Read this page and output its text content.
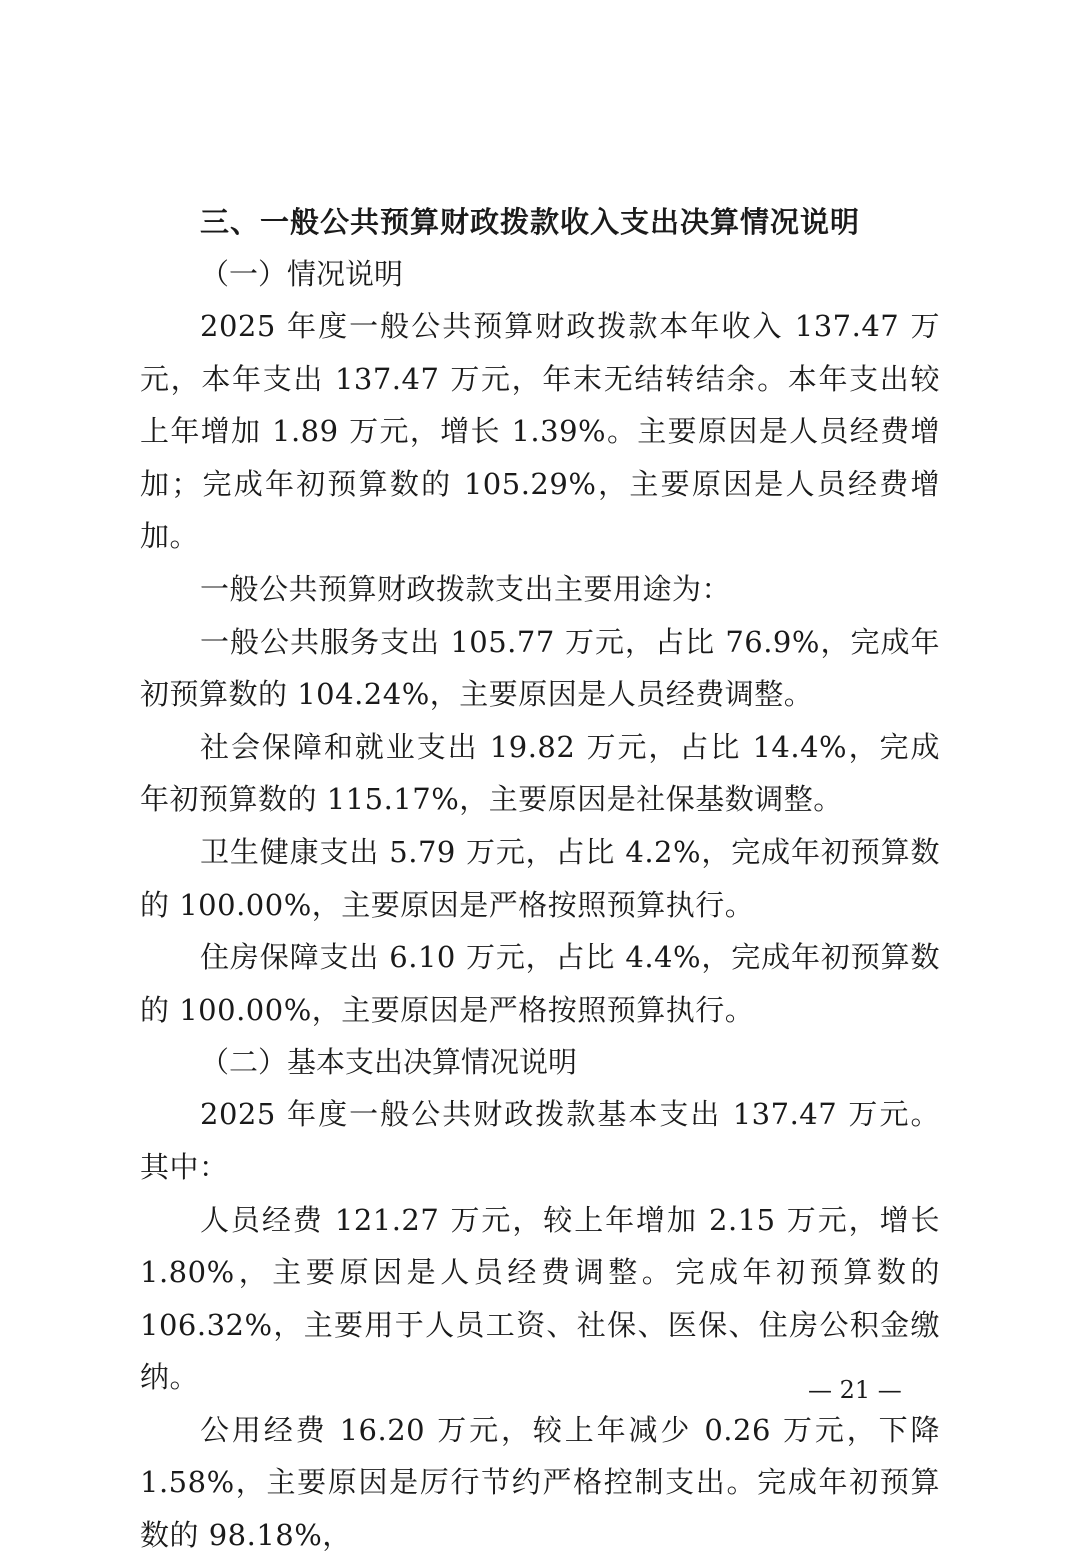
三、一般公共预算财政拨款收入支出决算情况说明

（一）情况说明

2025 年度一般公共预算财政拨款本年收入 137.47 万元，本年支出 137.47 万元，年末无结转结余。本年支出较上年增加 1.89 万元，增长 1.39%。主要原因是人员经费增加；完成年初预算数的 105.29%，主要原因是人员经费增加。

一般公共预算财政拨款支出主要用途为：

一般公共服务支出 105.77 万元，占比 76.9%，完成年初预算数的 104.24%，主要原因是人员经费调整。

社会保障和就业支出 19.82 万元，占比 14.4%，完成年初预算数的 115.17%，主要原因是社保基数调整。

卫生健康支出 5.79 万元，占比 4.2%，完成年初预算数的 100.00%，主要原因是严格按照预算执行。

住房保障支出 6.10 万元，占比 4.4%，完成年初预算数的 100.00%，主要原因是严格按照预算执行。

（二）基本支出决算情况说明

2025 年度一般公共财政拨款基本支出 137.47 万元。其中：

人员经费 121.27 万元，较上年增加 2.15 万元，增长 1.80%，主要原因是人员经费调整。完成年初预算数的 106.32%，主要用于人员工资、社保、医保、住房公积金缴纳。

公用经费 16.20 万元，较上年减少 0.26 万元，下降 1.58%，主要原因是厉行节约严格控制支出。完成年初预算数的 98.18%，

— 21 —
